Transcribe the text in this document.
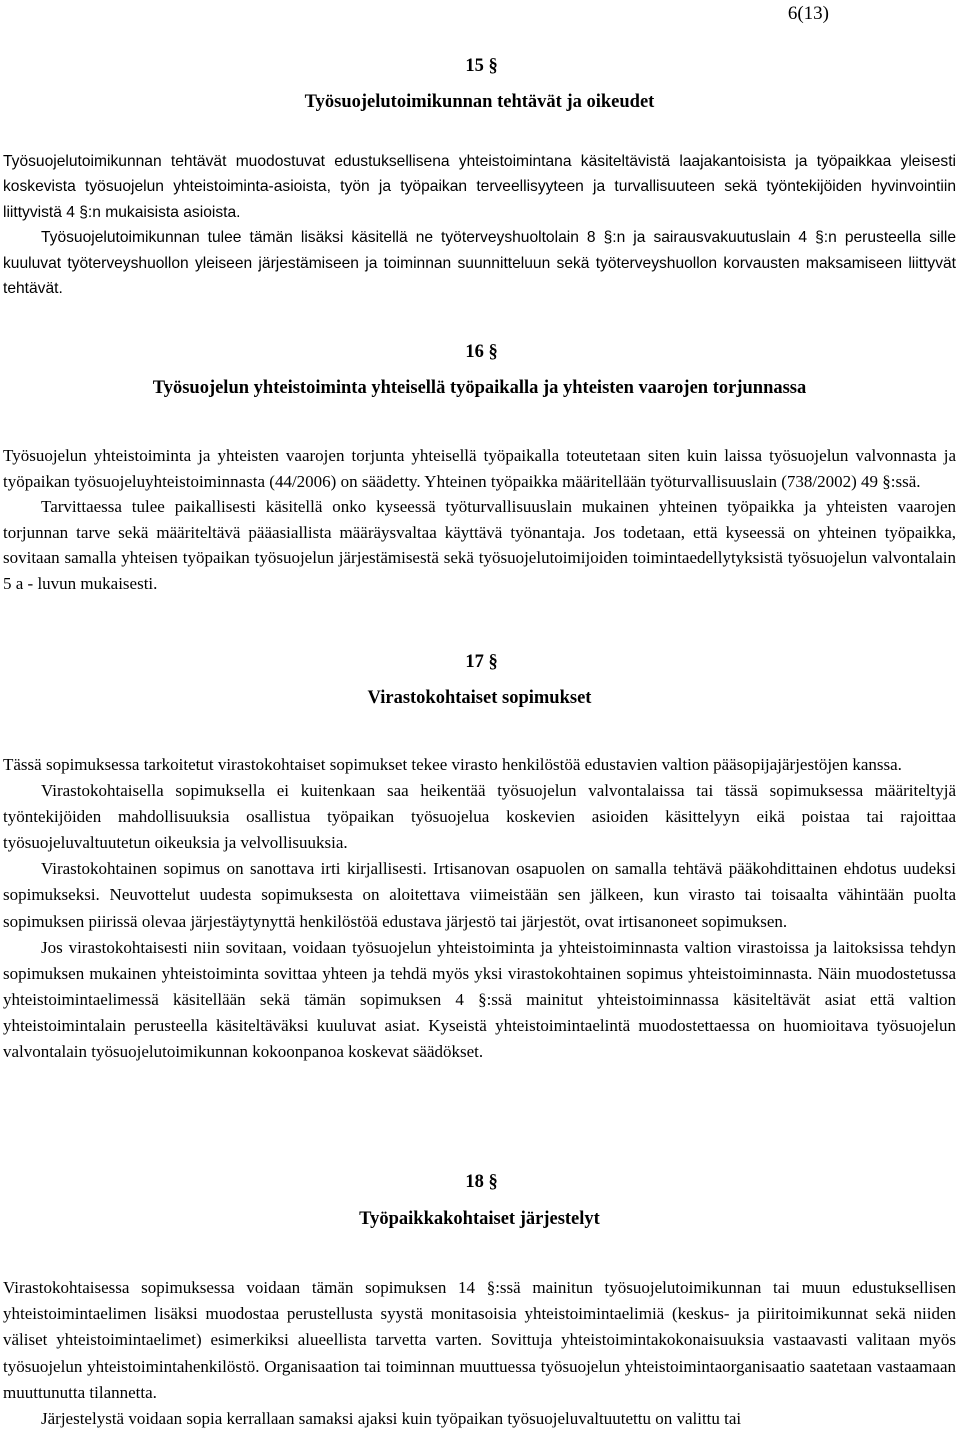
6(13)
15 §
Työsuojelutoimikunnan tehtävät ja oikeudet

Työsuojelutoimikunnan tehtävät muodostuvat edustuksellisena yhteistoimintana käsiteltävistä laajakantoisista ja työpaikkaa yleisesti koskevista työsuojelun yhteistoiminta-asioista, työn ja työpaikan terveellisyyteen ja turvallisuuteen sekä työntekijöiden hyvinvointiin liittyvistä 4 §:n mukaisista asioista.

Työsuojelutoimikunnan tulee tämän lisäksi käsitellä ne työterveyshuoltolain 8 §:n ja sairausvakuutuslain 4 §:n perusteella sille kuuluvat työterveyshuollon yleiseen järjestämiseen ja toiminnan suunnitteluun sekä työterveyshuollon korvausten maksamiseen liittyvät tehtävät.

16 §
Työsuojelun yhteistoiminta yhteisellä työpaikalla ja yhteisten vaarojen torjunnassa

Työsuojelun yhteistoiminta ja yhteisten vaarojen torjunta yhteisellä työpaikalla toteutetaan siten kuin laissa työsuojelun valvonnasta ja työpaikan työsuojeluyhteistoiminnasta (44/2006) on säädetty. Yhteinen työpaikka määritellään työturvallisuuslain (738/2002) 49 §:ssä.

Tarvittaessa tulee paikallisesti käsitellä onko kyseessä työturvallisuuslain mukainen yhteinen työpaikka ja yhteisten vaarojen torjunnan tarve sekä määriteltävä pääasiallista määräysvaltaa käyttävä työnantaja. Jos todetaan, että kyseessä on yhteinen työpaikka, sovitaan samalla yhteisen työpaikan työsuojelun järjestämisestä sekä työsuojelutoimijoiden toimintaedellytyksistä työsuojelun valvontalain 5 a - luvun mukaisesti.

17 §
Virastokohtaiset sopimukset

Tässä sopimuksessa tarkoitetut virastokohtaiset sopimukset tekee virasto henkilöstöä edustavien valtion pääsopijajärjestöjen kanssa.

Virastokohtaisella sopimuksella ei kuitenkaan saa heikentää työsuojelun valvontalaissa tai tässä sopimuksessa määriteltyjä työntekijöiden mahdollisuuksia osallistua työpaikan työsuojelua koskevien asioiden käsittelyyn eikä poistaa tai rajoittaa työsuojeluvaltuutetun oikeuksia ja velvollisuuksia.

Virastokohtainen sopimus on sanottava irti kirjallisesti. Irtisanovan osapuolen on samalla tehtävä pääkohdittainen ehdotus uudeksi sopimukseksi. Neuvottelut uudesta sopimuksesta on aloitettava viimeistään sen jälkeen, kun virasto tai toisaalta vähintään puolta sopimuksen piirissä olevaa järjestäytynyttä henkilöstöä edustava järjestö tai järjestöt, ovat irtisanoneet sopimuksen.

Jos virastokohtaisesti niin sovitaan, voidaan työsuojelun yhteistoiminta ja yhteistoiminnasta valtion virastoissa ja laitoksissa tehdyn sopimuksen mukainen yhteistoiminta sovittaa yhteen ja tehdä myös yksi virastokohtainen sopimus yhteistoiminnasta. Näin muodostetussa yhteistoimintaelimessä käsitellään sekä tämän sopimuksen 4 §:ssä mainitut yhteistoiminnassa käsiteltävät asiat että valtion yhteistoimintalain perusteella käsiteltäväksi kuuluvat asiat. Kyseistä yhteistoimintaelintä muodostettaessa on huomioitava työsuojelun valvontalain työsuojelutoimikunnan kokoonpanoa koskevat säädökset.

18 §
Työpaikkakohtaiset järjestelyt

Virastokohtaisessa sopimuksessa voidaan tämän sopimuksen 14 §:ssä mainitun työsuojelutoimikunnan tai muun edustuksellisen yhteistoimintaelimen lisäksi muodostaa perustellusta syystä monitasoisia yhteistoimintaelimiä (keskus- ja piiritoimikunnat sekä niiden väliset yhteistoimintaelimet) esimerkiksi alueellista tarvetta varten. Sovittuja yhteistoimintakokonaisuuksia vastaavasti valitaan myös työsuojelun yhteistoimintahenkilöstö. Organisaation tai toiminnan muuttuessa työsuojelun yhteistoimintaorganisaatio saatetaan vastaamaan muuttunutta tilannetta.

Järjestelystä voidaan sopia kerrallaan samaksi ajaksi kuin työpaikan työsuojeluvaltuutettu on valittu tai
